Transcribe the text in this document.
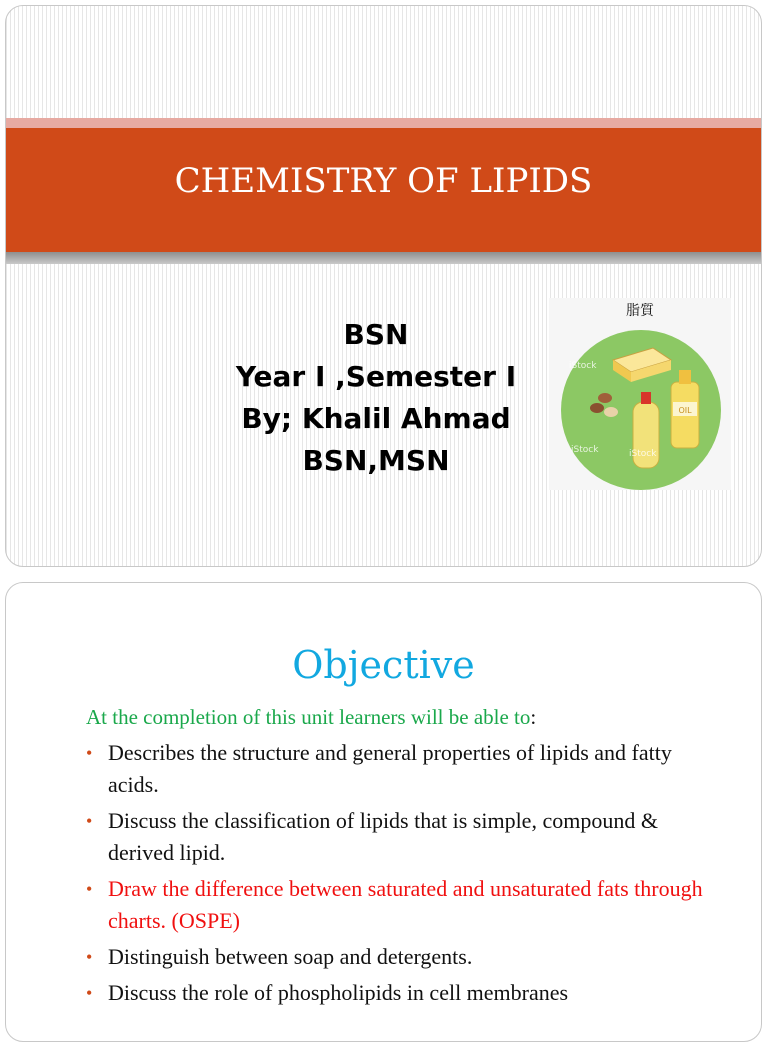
CHEMISTRY OF LIPIDS
BSN
Year I ,Semester I
By; Khalil Ahmad
BSN,MSN
脂質
OIL
iStock
iStock
iStock
Objective
At the completion of this unit learners will be able to:
• Describes the structure and general properties of lipids and fatty acids.
• Discuss the classification of lipids that is simple, compound & derived lipid.
• Draw the difference between saturated and unsaturated fats through charts. (OSPE)
• Distinguish between soap and detergents.
• Discuss the role of phospholipids in cell membranes
